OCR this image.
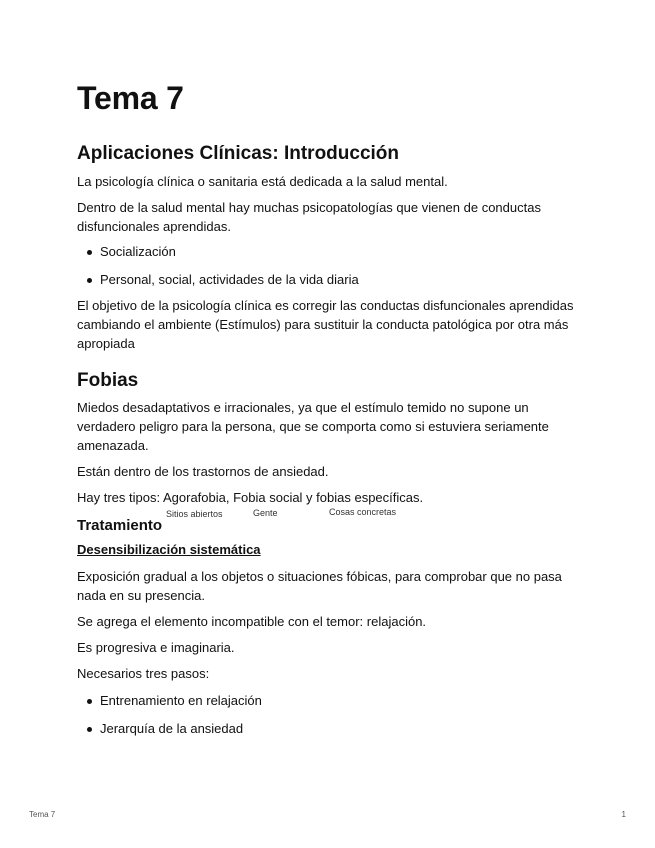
Tema 7
Aplicaciones Clínicas: Introducción

La psicología clínica o sanitaria está dedicada a la salud mental.

Dentro de la salud mental hay muchas psicopatologías que vienen de conductas disfuncionales aprendidas.

Socialización
Personal, social, actividades de la vida diaria

El objetivo de la psicología clínica es corregir las conductas disfuncionales aprendidas cambiando el ambiente (Estímulos) para sustituir la conducta patológica por otra más apropiada

Fobias

Miedos desadaptativos e irracionales, ya que el estímulo temido no supone un verdadero peligro para la persona, que se comporta como si estuviera seriamente amenazada.

Están dentro de los trastornos de ansiedad.

Hay tres tipos: Agorafobia, Fobia social y fobias específicas.

Sitios abiertos	Gente	Cosas concretas
Tratamiento
Desensibilización sistemática

Exposición gradual a los objetos o situaciones fóbicas, para comprobar que no pasa nada en su presencia.

Se agrega el elemento incompatible con el temor: relajación.

Es progresiva e imaginaria.

Necesarios tres pasos:

Entrenamiento en relajación
Jerarquía de la ansiedad
Tema 7	1
